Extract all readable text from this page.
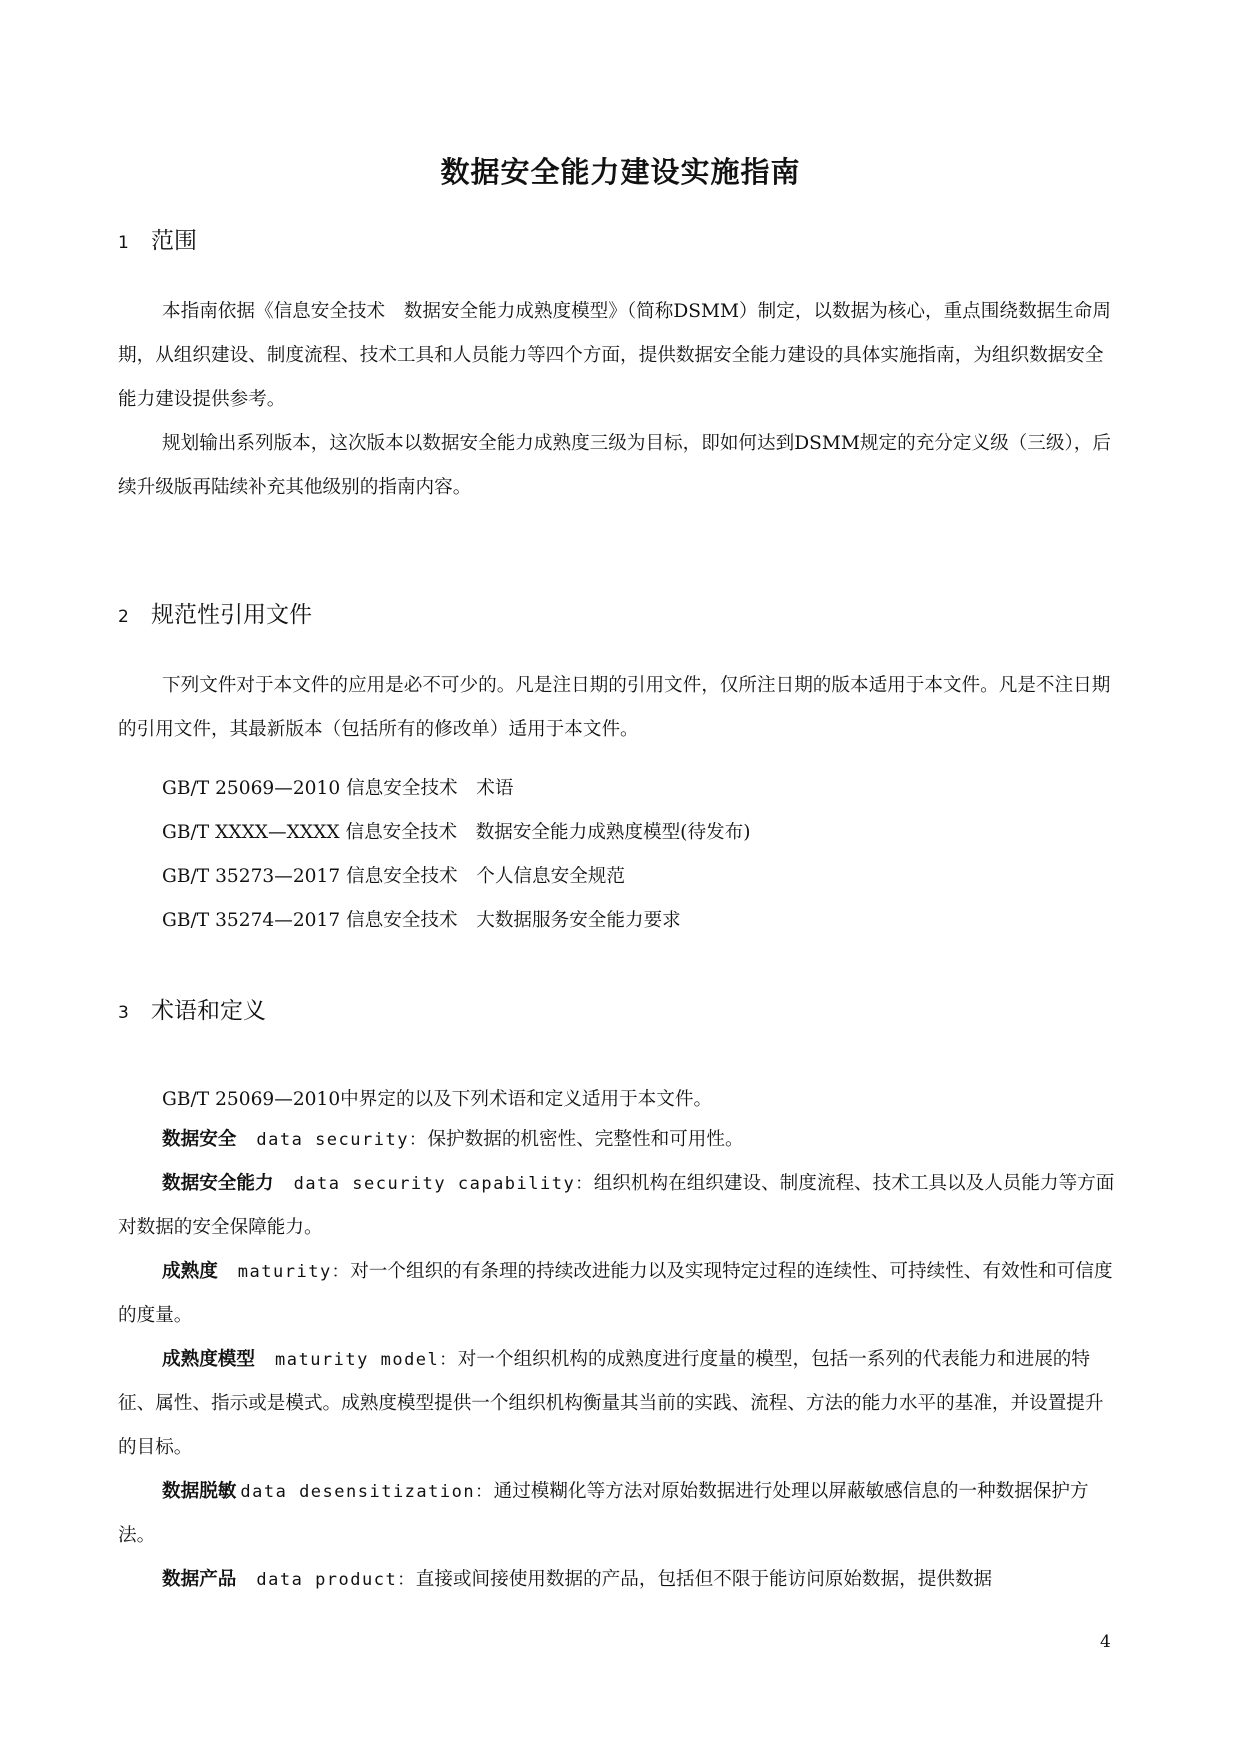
数据安全能力建设实施指南
1 范围
本指南依据《信息安全技术　数据安全能力成熟度模型》（简称DSMM）制定，以数据为核心，重点围绕数据生命周期，从组织建设、制度流程、技术工具和人员能力等四个方面，提供数据安全能力建设的具体实施指南，为组织数据安全能力建设提供参考。
规划输出系列版本，这次版本以数据安全能力成熟度三级为目标，即如何达到DSMM规定的充分定义级（三级），后续升级版再陆续补充其他级别的指南内容。
2 规范性引用文件
下列文件对于本文件的应用是必不可少的。凡是注日期的引用文件，仅所注日期的版本适用于本文件。凡是不注日期的引用文件，其最新版本（包括所有的修改单）适用于本文件。
GB/T 25069—2010 信息安全技术　术语
GB/T XXXX—XXXX 信息安全技术　数据安全能力成熟度模型(待发布)
GB/T 35273—2017 信息安全技术　个人信息安全规范
GB/T 35274—2017 信息安全技术　大数据服务安全能力要求
3 术语和定义
GB/T 25069—2010中界定的以及下列术语和定义适用于本文件。
数据安全 data security：保护数据的机密性、完整性和可用性。
数据安全能力 data security capability：组织机构在组织建设、制度流程、技术工具以及人员能力等方面对数据的安全保障能力。
成熟度 maturity：对一个组织的有条理的持续改进能力以及实现特定过程的连续性、可持续性、有效性和可信度的度量。
成熟度模型 maturity model：对一个组织机构的成熟度进行度量的模型，包括一系列的代表能力和进展的特征、属性、指示或是模式。成熟度模型提供一个组织机构衡量其当前的实践、流程、方法的能力水平的基准，并设置提升的目标。
数据脱敏 data desensitization：通过模糊化等方法对原始数据进行处理以屏蔽敏感信息的一种数据保护方法。
数据产品 data product：直接或间接使用数据的产品，包括但不限于能访问原始数据，提供数据
4
